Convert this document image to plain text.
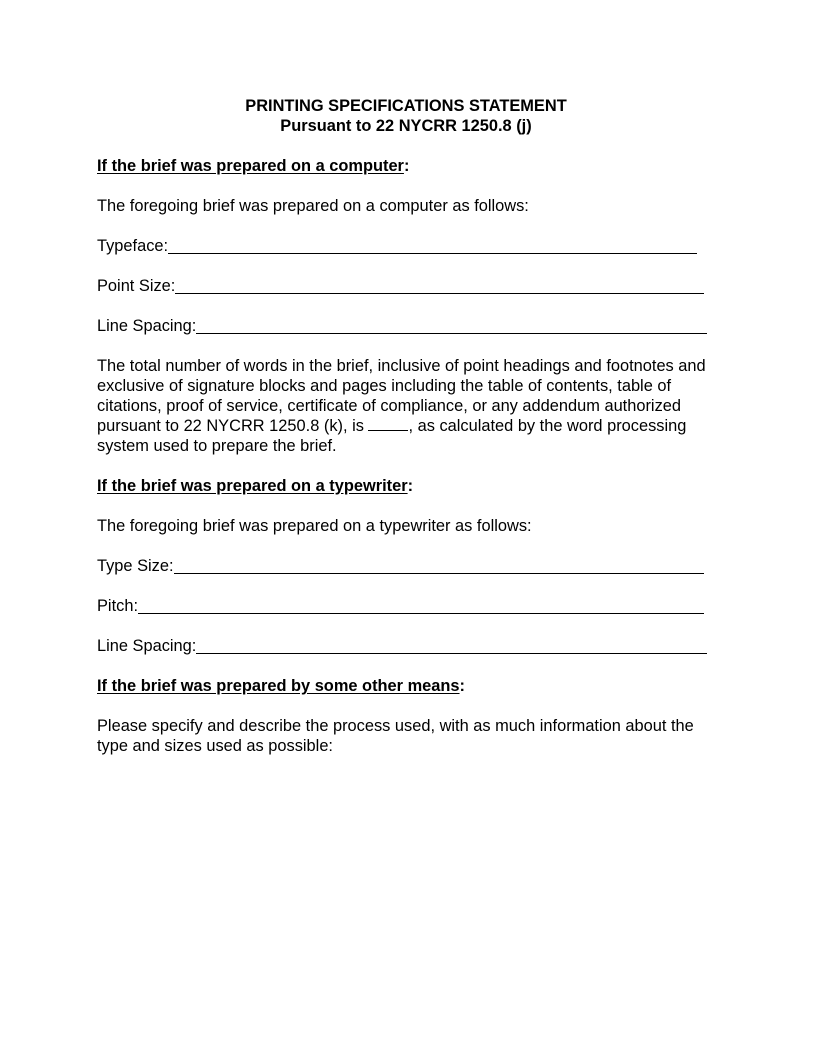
PRINTING SPECIFICATIONS STATEMENT

Pursuant to 22 NYCRR 1250.8 (j)

If the brief was prepared on a computer:

The foregoing brief was prepared on a computer as follows:

Typeface:
Point Size:
Line Spacing:

The total number of words in the brief, inclusive of point headings and footnotes and exclusive of signature blocks and pages including the table of contents, table of citations, proof of service, certificate of compliance, or any addendum authorized pursuant to 22 NYCRR 1250.8 (k), is , as calculated by the word processing system used to prepare the brief.

If the brief was prepared on a typewriter:

The foregoing brief was prepared on a typewriter as follows:

Type Size:
Pitch:
Line Spacing:

If the brief was prepared by some other means:

Please specify and describe the process used, with as much information about the type and sizes used as possible:
